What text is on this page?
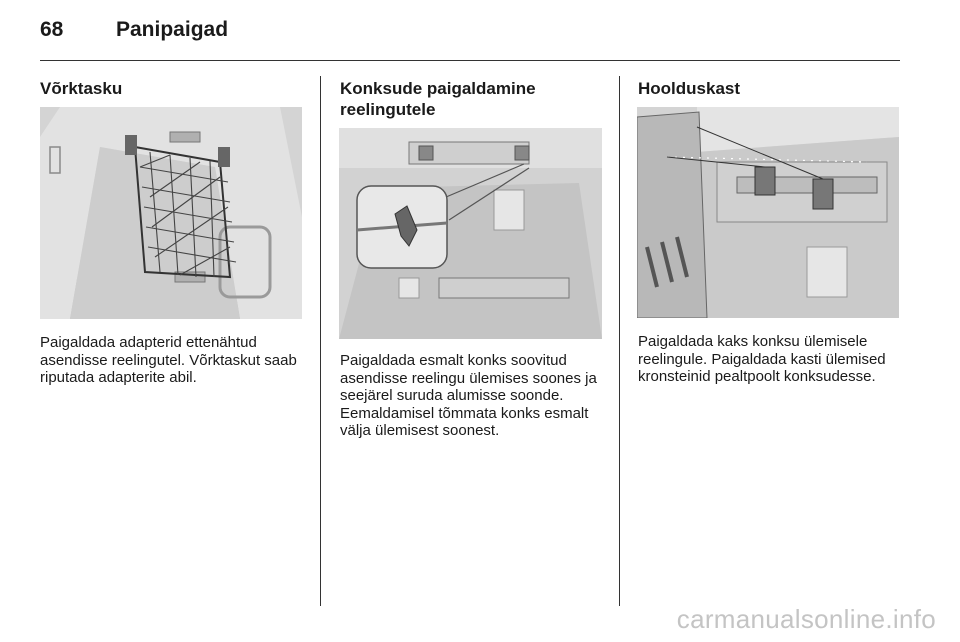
68	Panipaigad
Võrktasku
Paigaldada adapterid ettenähtud asendisse reelingutel. Võrktaskut saab riputada adapterite abil.
Konksude paigaldamine reelingutele
Paigaldada esmalt konks soovitud asendisse reelingu ülemises soones ja seejärel suruda alumisse soonde. Eemaldamisel tõmmata konks esmalt välja ülemisest soonest.
Hoolduskast
Paigaldada kaks konksu ülemisele reelingule. Paigaldada kasti ülemised kronsteinid pealtpoolt konksudesse.
carmanualsonline.info
